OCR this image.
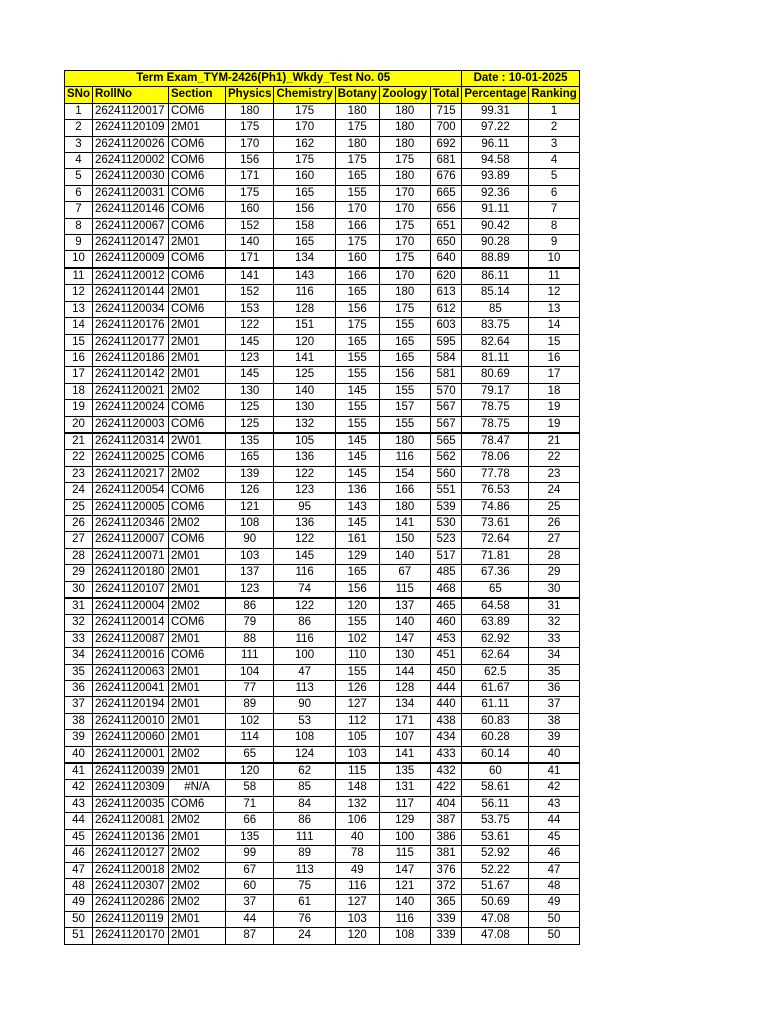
Term Exam_TYM-2426(Ph1)_Wkdy_Test No. 05								Date : 10-01-2025	
SNo	RollNo	Section	Physics	Chemistry	Botany	Zoology	Total	Percentage	Ranking
1	26241120017	COM6	180	175	180	180	715	99.31	1
2	26241120109	2M01	175	170	175	180	700	97.22	2
3	26241120026	COM6	170	162	180	180	692	96.11	3
4	26241120002	COM6	156	175	175	175	681	94.58	4
5	26241120030	COM6	171	160	165	180	676	93.89	5
6	26241120031	COM6	175	165	155	170	665	92.36	6
7	26241120146	COM6	160	156	170	170	656	91.11	7
8	26241120067	COM6	152	158	166	175	651	90.42	8
9	26241120147	2M01	140	165	175	170	650	90.28	9
10	26241120009	COM6	171	134	160	175	640	88.89	10
11	26241120012	COM6	141	143	166	170	620	86.11	11
12	26241120144	2M01	152	116	165	180	613	85.14	12
13	26241120034	COM6	153	128	156	175	612	85	13
14	26241120176	2M01	122	151	175	155	603	83.75	14
15	26241120177	2M01	145	120	165	165	595	82.64	15
16	26241120186	2M01	123	141	155	165	584	81.11	16
17	26241120142	2M01	145	125	155	156	581	80.69	17
18	26241120021	2M02	130	140	145	155	570	79.17	18
19	26241120024	COM6	125	130	155	157	567	78.75	19
20	26241120003	COM6	125	132	155	155	567	78.75	19
21	26241120314	2W01	135	105	145	180	565	78.47	21
22	26241120025	COM6	165	136	145	116	562	78.06	22
23	26241120217	2M02	139	122	145	154	560	77.78	23
24	26241120054	COM6	126	123	136	166	551	76.53	24
25	26241120005	COM6	121	95	143	180	539	74.86	25
26	26241120346	2M02	108	136	145	141	530	73.61	26
27	26241120007	COM6	90	122	161	150	523	72.64	27
28	26241120071	2M01	103	145	129	140	517	71.81	28
29	26241120180	2M01	137	116	165	67	485	67.36	29
30	26241120107	2M01	123	74	156	115	468	65	30
31	26241120004	2M02	86	122	120	137	465	64.58	31
32	26241120014	COM6	79	86	155	140	460	63.89	32
33	26241120087	2M01	88	116	102	147	453	62.92	33
34	26241120016	COM6	111	100	110	130	451	62.64	34
35	26241120063	2M01	104	47	155	144	450	62.5	35
36	26241120041	2M01	77	113	126	128	444	61.67	36
37	26241120194	2M01	89	90	127	134	440	61.11	37
38	26241120010	2M01	102	53	112	171	438	60.83	38
39	26241120060	2M01	114	108	105	107	434	60.28	39
40	26241120001	2M02	65	124	103	141	433	60.14	40
41	26241120039	2M01	120	62	115	135	432	60	41
42	26241120309	#N/A	58	85	148	131	422	58.61	42
43	26241120035	COM6	71	84	132	117	404	56.11	43
44	26241120081	2M02	66	86	106	129	387	53.75	44
45	26241120136	2M01	135	111	40	100	386	53.61	45
46	26241120127	2M02	99	89	78	115	381	52.92	46
47	26241120018	2M02	67	113	49	147	376	52.22	47
48	26241120307	2M02	60	75	116	121	372	51.67	48
49	26241120286	2M02	37	61	127	140	365	50.69	49
50	26241120119	2M01	44	76	103	116	339	47.08	50
51	26241120170	2M01	87	24	120	108	339	47.08	50
